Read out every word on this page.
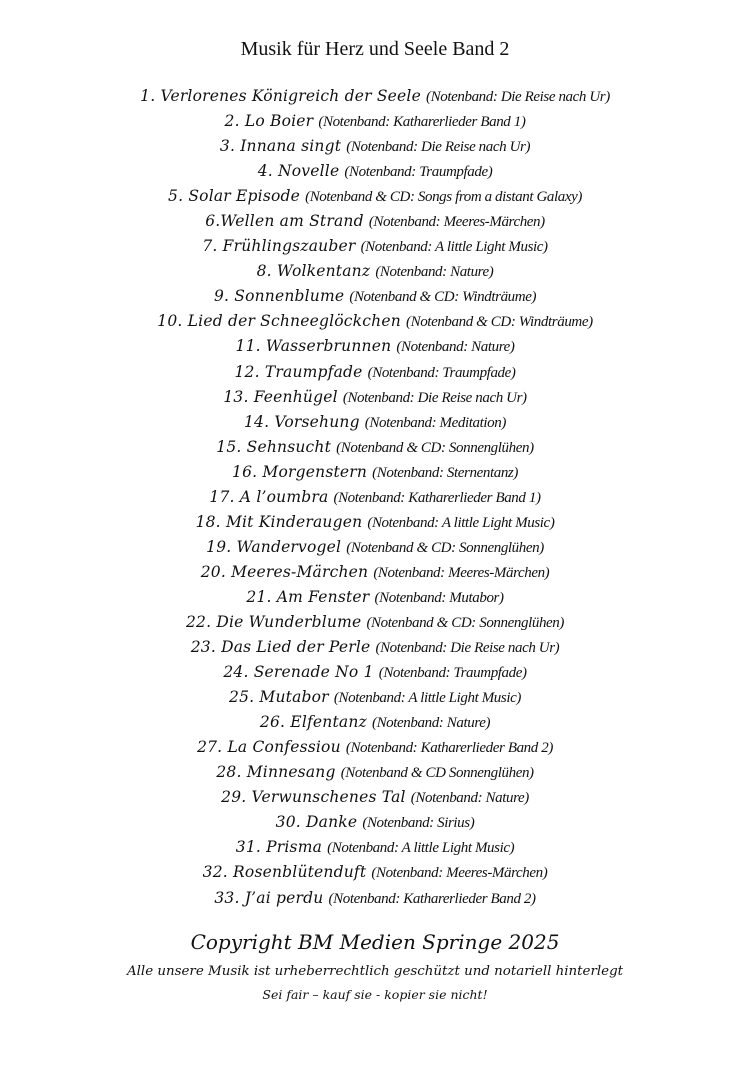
Musik für Herz und Seele Band 2
1. Verlorenes Königreich der Seele (Notenband: Die Reise nach Ur)
2. Lo Boier (Notenband: Katharerlieder Band 1)
3. Innana singt (Notenband: Die Reise nach Ur)
4. Novelle (Notenband: Traumpfade)
5. Solar Episode (Notenband & CD: Songs from a distant Galaxy)
6.Wellen am Strand (Notenband: Meeres-Märchen)
7. Frühlingszauber (Notenband: A little Light Music)
8. Wolkentanz (Notenband: Nature)
9. Sonnenblume (Notenband & CD: Windträume)
10. Lied der Schneeglöckchen (Notenband & CD: Windträume)
11. Wasserbrunnen (Notenband: Nature)
12. Traumpfade (Notenband: Traumpfade)
13. Feenhügel (Notenband: Die Reise nach Ur)
14. Vorsehung (Notenband: Meditation)
15. Sehnsucht (Notenband & CD: Sonnenglühen)
16. Morgenstern (Notenband: Sternentanz)
17. A l’oumbra (Notenband: Katharerlieder Band 1)
18. Mit Kinderaugen (Notenband: A little Light Music)
19. Wandervogel (Notenband & CD: Sonnenglühen)
20. Meeres-Märchen (Notenband: Meeres-Märchen)
21. Am Fenster (Notenband: Mutabor)
22. Die Wunderblume (Notenband & CD: Sonnenglühen)
23. Das Lied der Perle (Notenband: Die Reise nach Ur)
24. Serenade No 1 (Notenband: Traumpfade)
25. Mutabor (Notenband: A little Light Music)
26. Elfentanz (Notenband: Nature)
27. La Confessiou (Notenband: Katharerlieder Band 2)
28. Minnesang (Notenband & CD Sonnenglühen)
29. Verwunschenes Tal (Notenband: Nature)
30. Danke (Notenband: Sirius)
31. Prisma (Notenband: A little Light Music)
32. Rosenblütenduft (Notenband: Meeres-Märchen)
33. J’ai perdu (Notenband: Katharerlieder Band 2)
Copyright BM Medien Springe 2025
Alle unsere Musik ist urheberrechtlich geschützt und notariell hinterlegt
Sei fair – kauf sie - kopier sie nicht!
